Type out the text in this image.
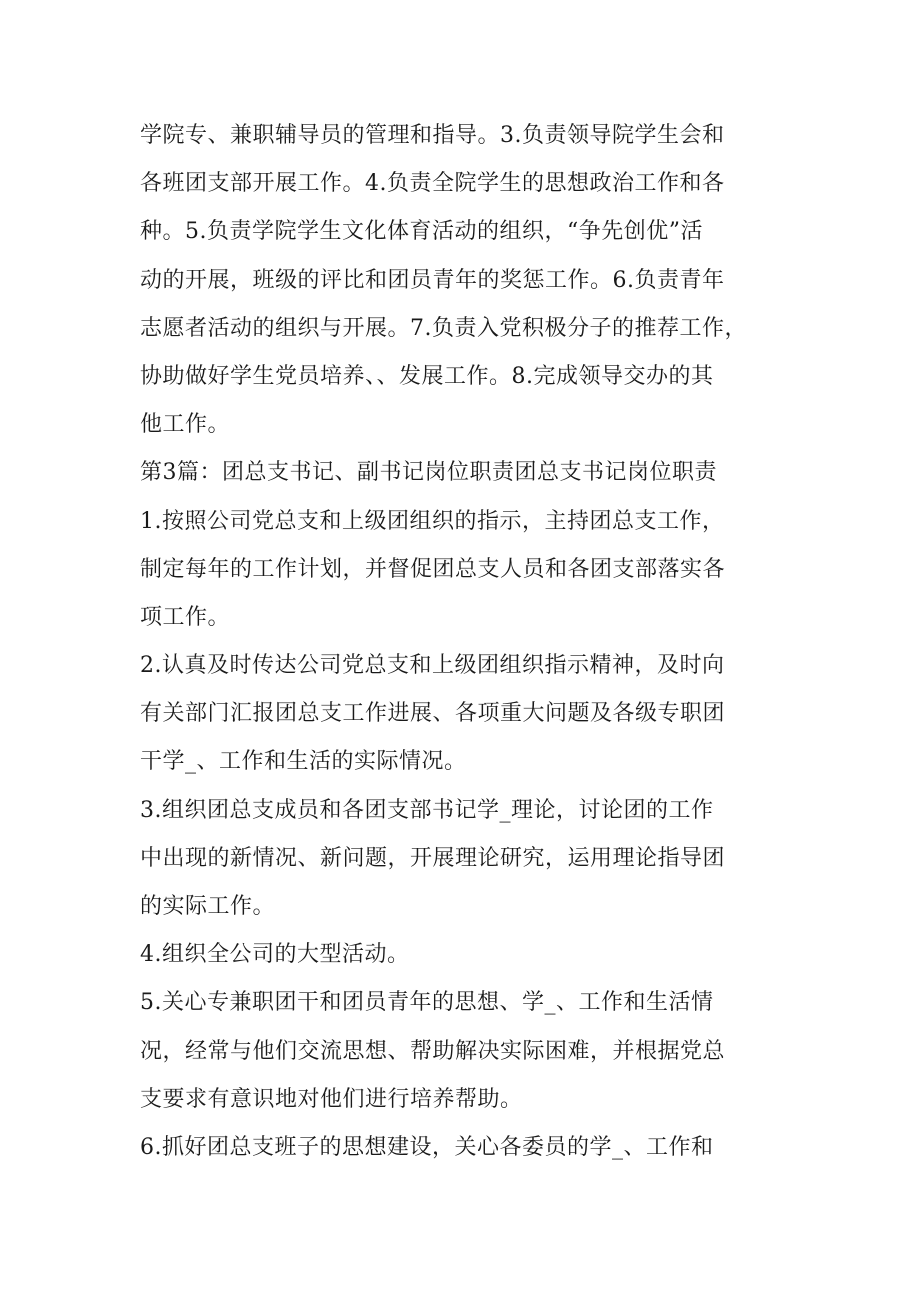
学院专、兼职辅导员的管理和指导。3.负责领导院学生会和
各班团支部开展工作。4.负责全院学生的思想政治工作和各
种。5.负责学院学生文化体育活动的组织，“争先创优”活
动的开展，班级的评比和团员青年的奖惩工作。6.负责青年
志愿者活动的组织与开展。7.负责入党积极分子的推荐工作，
协助做好学生党员培养、、发展工作。8.完成领导交办的其
他工作。
第3篇：团总支书记、副书记岗位职责团总支书记岗位职责
1.按照公司党总支和上级团组织的指示，主持团总支工作，
制定每年的工作计划，并督促团总支人员和各团支部落实各
项工作。
2.认真及时传达公司党总支和上级团组织指示精神，及时向
有关部门汇报团总支工作进展、各项重大问题及各级专职团
干学_、工作和生活的实际情况。
3.组织团总支成员和各团支部书记学_理论，讨论团的工作
中出现的新情况、新问题，开展理论研究，运用理论指导团
的实际工作。
4.组织全公司的大型活动。
5.关心专兼职团干和团员青年的思想、学_、工作和生活情
况，经常与他们交流思想、帮助解决实际困难，并根据党总
支要求有意识地对他们进行培养帮助。
6.抓好团总支班子的思想建设，关心各委员的学_、工作和
